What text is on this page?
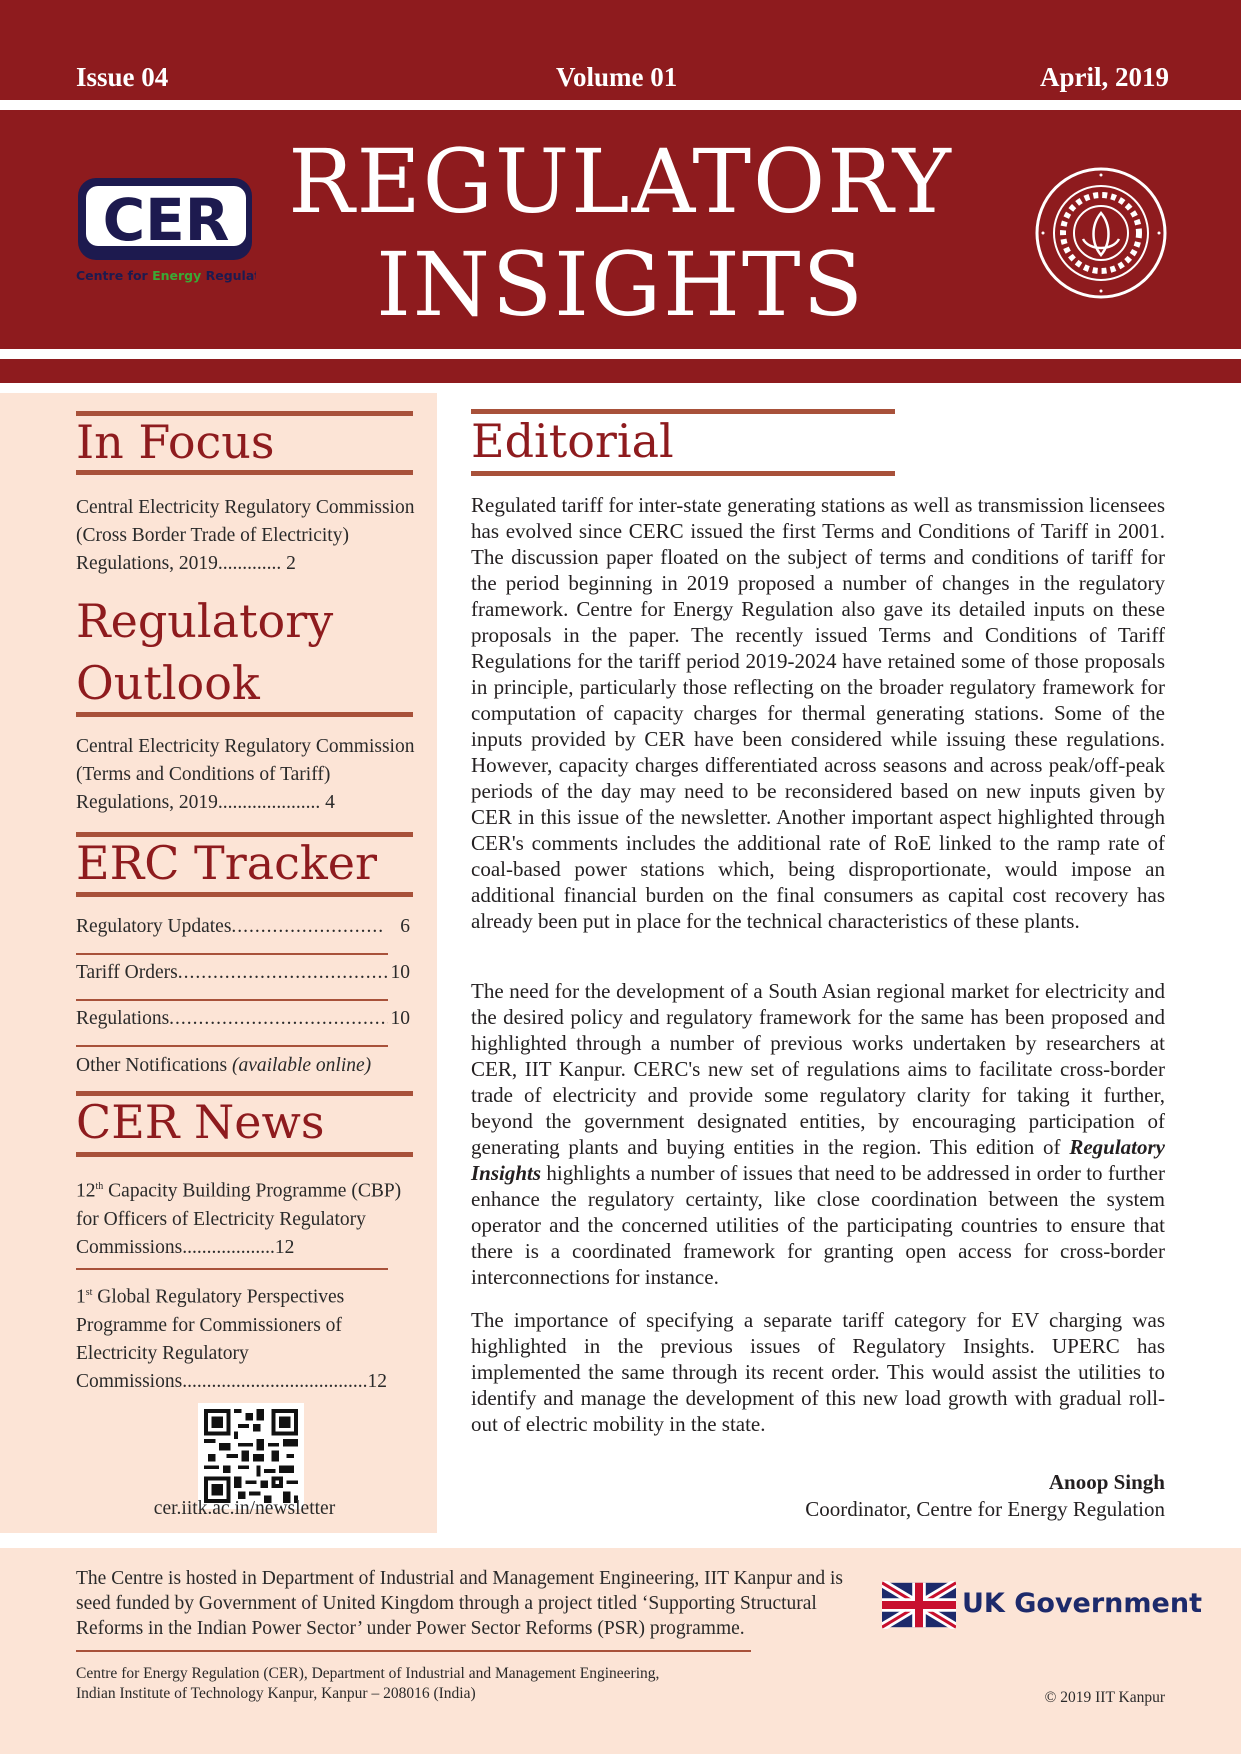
Issue 04	Volume 01	April, 2019
REGULATORY
INSIGHTS
CER
Centre for Energy Regula
In Focus
Central Electricity Regulatory Commission (Cross Border Trade of Electricity) Regulations, 2019............. 2
Regulatory
Outlook
Central Electricity Regulatory Commission (Terms and Conditions of Tariff) Regulations, 2019..................... 4
ERC Tracker
Regulatory Updates .....	6
Tariff Orders .....	10
Regulations .....	10
Other Notifications (available online)
CER News
12th Capacity Building Programme (CBP) for Officers of Electricity Regulatory Commissions...................12
1st Global Regulatory Perspectives Programme for Commissioners of Electricity Regulatory Commissions......................................12
cer.iitk.ac.in/newsletter
Editorial
Regulated tariff for inter-state generating stations as well as transmission licensees has evolved since CERC issued the first Terms and Conditions of Tariff in 2001. The discussion paper floated on the subject of terms and conditions of tariff for the period beginning in 2019 proposed a number of changes in the regulatory framework. Centre for Energy Regulation also gave its detailed inputs on these proposals in the paper. The recently issued Terms and Conditions of Tariff Regulations for the tariff period 2019-2024 have retained some of those proposals in principle, particularly those reflecting on the broader regulatory framework for computation of capacity charges for thermal generating stations. Some of the inputs provided by CER have been considered while issuing these regulations. However, capacity charges differentiated across seasons and across peak/off-peak periods of the day may need to be reconsidered based on new inputs given by CER in this issue of the newsletter. Another important aspect highlighted through CER's comments includes the additional rate of RoE linked to the ramp rate of coal-based power stations which, being disproportionate, would impose an additional financial burden on the final consumers as capital cost recovery has already been put in place for the technical characteristics of these plants.
The need for the development of a South Asian regional market for electricity and the desired policy and regulatory framework for the same has been proposed and highlighted through a number of previous works undertaken by researchers at CER, IIT Kanpur. CERC's new set of regulations aims to facilitate cross-border trade of electricity and provide some regulatory clarity for taking it further, beyond the government designated entities, by encouraging participation of generating plants and buying entities in the region. This edition of Regulatory Insights highlights a number of issues that need to be addressed in order to further enhance the regulatory certainty, like close coordination between the system operator and the concerned utilities of the participating countries to ensure that there is a coordinated framework for granting open access for cross-border interconnections for instance.
The importance of specifying a separate tariff category for EV charging was highlighted in the previous issues of Regulatory Insights. UPERC has implemented the same through its recent order. This would assist the utilities to identify and manage the development of this new load growth with gradual roll-out of electric mobility in the state.
Anoop Singh
Coordinator, Centre for Energy Regulation
The Centre is hosted in Department of Industrial and Management Engineering, IIT Kanpur and is seed funded by Government of United Kingdom through a project titled ‘Supporting Structural Reforms in the Indian Power Sector’ under Power Sector Reforms (PSR) programme.
Centre for Energy Regulation (CER), Department of Industrial and Management Engineering,
Indian Institute of Technology Kanpur, Kanpur – 208016 (India)	© 2019 IIT Kanpur
UK Government
